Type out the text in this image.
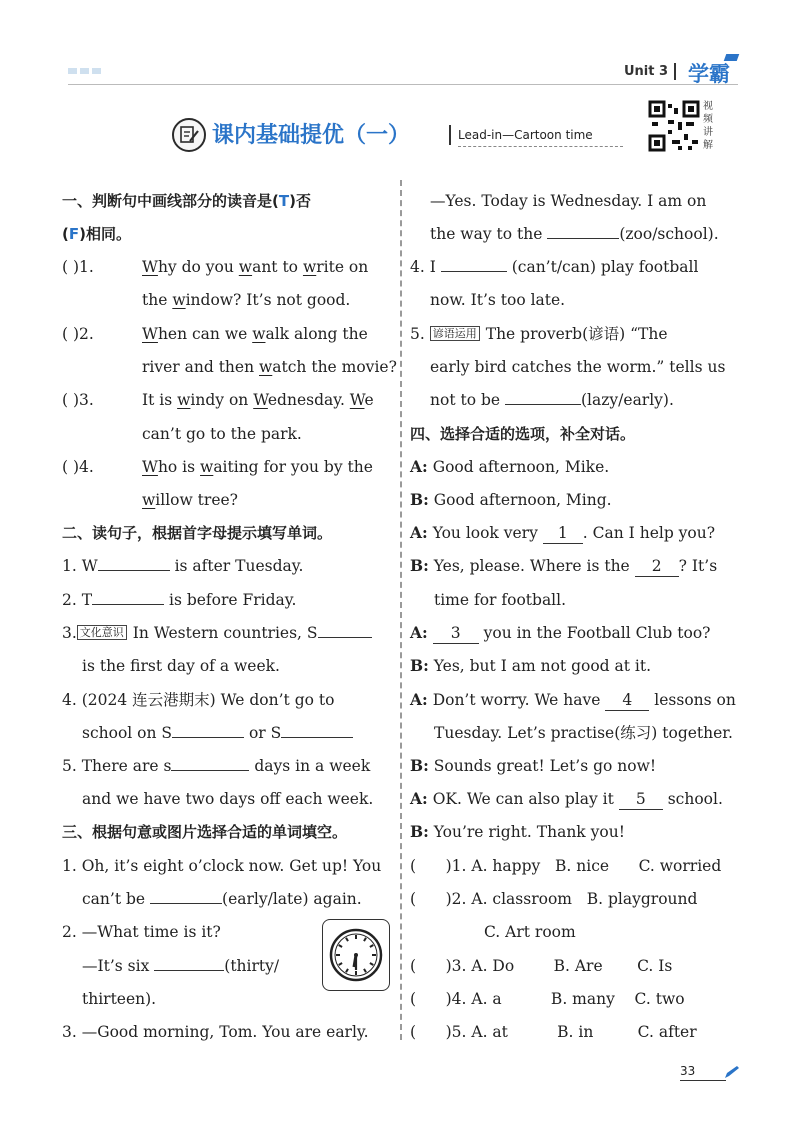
Unit 3 学霸
课内基础提优（一）	Lead-in—Cartoon time
视频讲解
一、判断句中画线部分的读音是(T)否
(F)相同。
( )1.	Why do you want to write on
the window? It’s not good.
( )2.	When can we walk along the
river and then watch the movie?
( )3.	It is windy on Wednesday. We
can’t go to the park.
( )4.	Who is waiting for you by the
willow tree?
二、读句子，根据首字母提示填写单词。
1. W	is after Tuesday.
2. T	is before Friday.
3. 文化意识 In Western countries, S
is the first day of a week.
4. (2024 连云港期末) We don’t go to
school on S	or S
5. There are s	days in a week
and we have two days off each week.
三、根据句意或图片选择合适的单词填空。
1. Oh, it’s eight o’clock now. Get up! You
can’t be	(early/late) again.
2. —What time is it?
—It’s six	(thirty/
thirteen).
3. —Good morning, Tom. You are early.
—Yes. Today is Wednesday. I am on
the way to the	(zoo/school).
4. I	(can’t/can) play football
now. It’s too late.
5. 谚语运用 The proverb(谚语) “The
early bird catches the worm.” tells us
not to be	(lazy/early).
四、选择合适的选项，补全对话。
A: Good afternoon, Mike.
B: Good afternoon, Ming.
A: You look very 1 . Can I help you?
B: Yes, please. Where is the 2 ? It’s
time for football.
A: 3 you in the Football Club too?
B: Yes, but I am not good at it.
A: Don’t worry. We have 4 lessons on
Tuesday. Let’s practise(练习) together.
B: Sounds great! Let’s go now!
A: OK. We can also play it 5 school.
B: You’re right. Thank you!
(      )1. A. happy   B. nice      C. worried
(      )2. A. classroom   B. playground
C. Art room
(      )3. A. Do        B. Are       C. Is
(      )4. A. a          B. many    C. two
(      )5. A. at          B. in         C. after
33
